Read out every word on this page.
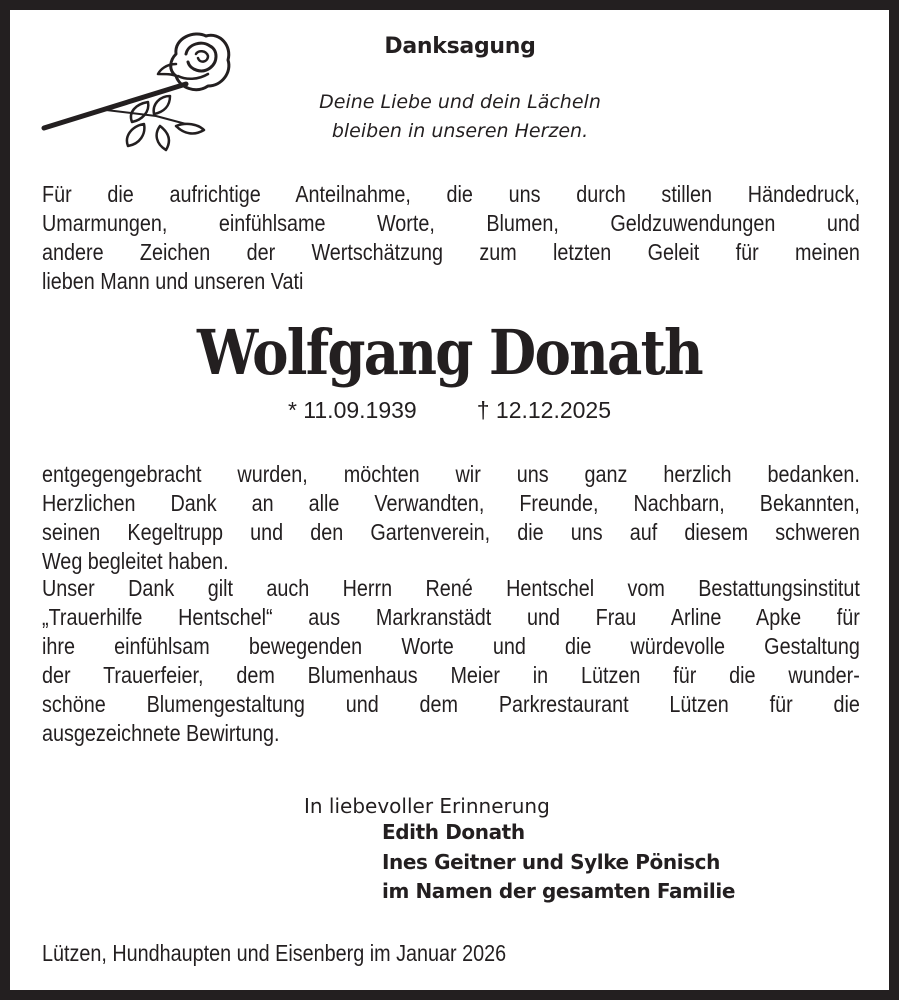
Danksagung
Deine Liebe und dein Lächeln
bleiben in unseren Herzen.
Für die aufrichtige Anteilnahme, die uns durch stillen Händedruck,
Umarmungen, einfühlsame Worte, Blumen, Geldzuwendungen und
andere Zeichen der Wertschätzung zum letzten Geleit für meinen
lieben Mann und unseren Vati
Wolfgang Donath
* 11.09.1939	† 12.12.2025
entgegengebracht wurden, möchten wir uns ganz herzlich bedanken.
Herzlichen Dank an alle Verwandten, Freunde, Nachbarn, Bekannten,
seinen Kegeltrupp und den Gartenverein, die uns auf diesem schweren
Weg begleitet haben.
Unser Dank gilt auch Herrn René Hentschel vom Bestattungsinstitut
„Trauerhilfe Hentschel“ aus Markranstädt und Frau Arline Apke für
ihre einfühlsam bewegenden Worte und die würdevolle Gestaltung
der Trauerfeier, dem Blumenhaus Meier in Lützen für die wunder-
schöne Blumengestaltung und dem Parkrestaurant Lützen für die
ausgezeichnete Bewirtung.
In liebevoller Erinnerung
Edith Donath
Ines Geitner und Sylke Pönisch
im Namen der gesamten Familie
Lützen, Hundhaupten und Eisenberg im Januar 2026
